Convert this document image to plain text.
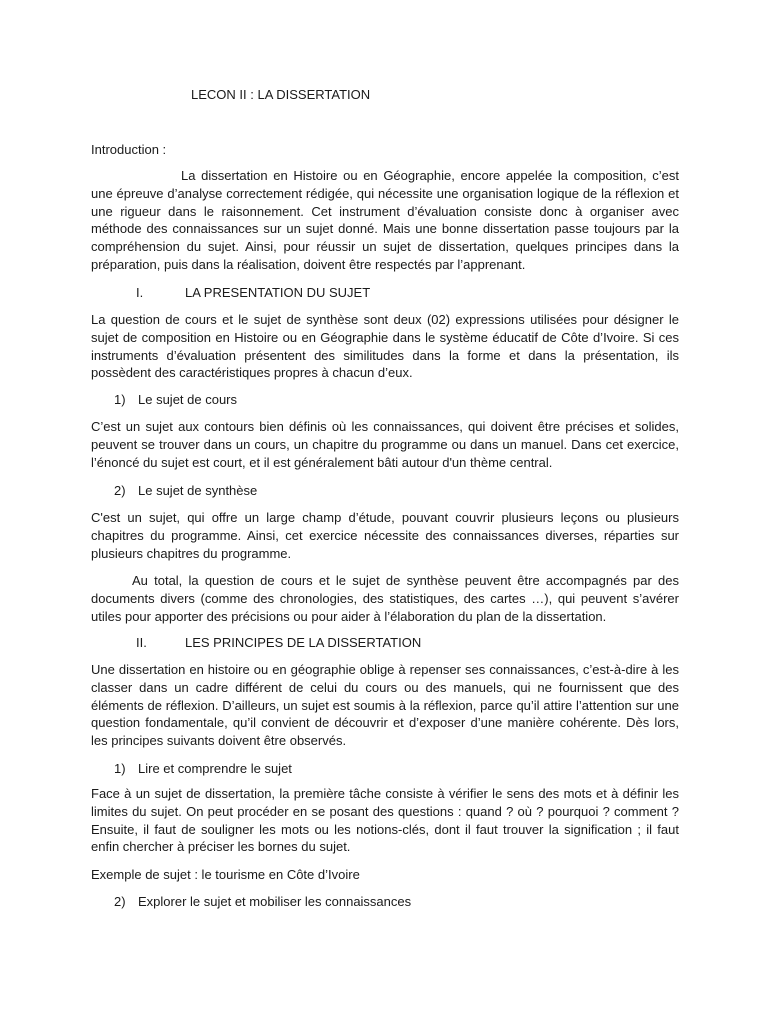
LECON II : LA DISSERTATION

Introduction :

La dissertation en Histoire ou en Géographie, encore appelée la composition, c’est une épreuve d’analyse correctement rédigée, qui nécessite une organisation logique de la réflexion et une rigueur dans le raisonnement. Cet instrument d’évaluation consiste donc à organiser avec méthode des connaissances sur un sujet donné. Mais une bonne dissertation passe toujours par la compréhension du sujet. Ainsi, pour réussir un sujet de dissertation, quelques principes dans la préparation, puis dans la réalisation, doivent être respectés par l’apprenant.

I.	LA PRESENTATION DU SUJET

La question de cours et le sujet de synthèse sont deux (02) expressions utilisées pour désigner le sujet de composition en Histoire ou en Géographie dans le système éducatif de Côte d’Ivoire. Si ces instruments d’évaluation présentent des similitudes dans la forme et dans la présentation, ils possèdent des caractéristiques propres à chacun d’eux.

1) Le sujet de cours

C’est un sujet aux contours bien définis où les connaissances, qui doivent être précises et solides, peuvent se trouver dans un cours, un chapitre du programme ou dans un manuel. Dans cet exercice, l’énoncé du sujet est court, et il est généralement bâti autour d'un thème central.

2) Le sujet de synthèse

C'est un sujet, qui offre un large champ d’étude, pouvant couvrir plusieurs leçons ou plusieurs chapitres du programme. Ainsi, cet exercice nécessite des connaissances diverses, réparties sur plusieurs chapitres du programme.

Au total, la question de cours et le sujet de synthèse peuvent être accompagnés par des documents divers (comme des chronologies, des statistiques, des cartes …), qui peuvent s’avérer utiles pour apporter des précisions ou pour aider à l’élaboration du plan de la dissertation.

II.	LES PRINCIPES DE LA DISSERTATION

Une dissertation en histoire ou en géographie oblige à repenser ses connaissances, c’est-à-dire à les classer dans un cadre différent de celui du cours ou des manuels, qui ne fournissent que des éléments de réflexion. D’ailleurs, un sujet est soumis à la réflexion, parce qu’il attire l’attention sur une question fondamentale, qu’il convient de découvrir et d’exposer d’une manière cohérente. Dès lors, les principes suivants doivent être observés.

1) Lire et comprendre le sujet

Face à un sujet de dissertation, la première tâche consiste à vérifier le sens des mots et à définir les limites du sujet. On peut procéder en se posant des questions : quand ? où ? pourquoi ? comment ? Ensuite, il faut de souligner les mots ou les notions-clés, dont il faut trouver la signification ; il faut enfin chercher à préciser les bornes du sujet.

Exemple de sujet : le tourisme en Côte d’Ivoire

2) Explorer le sujet et mobiliser les connaissances
